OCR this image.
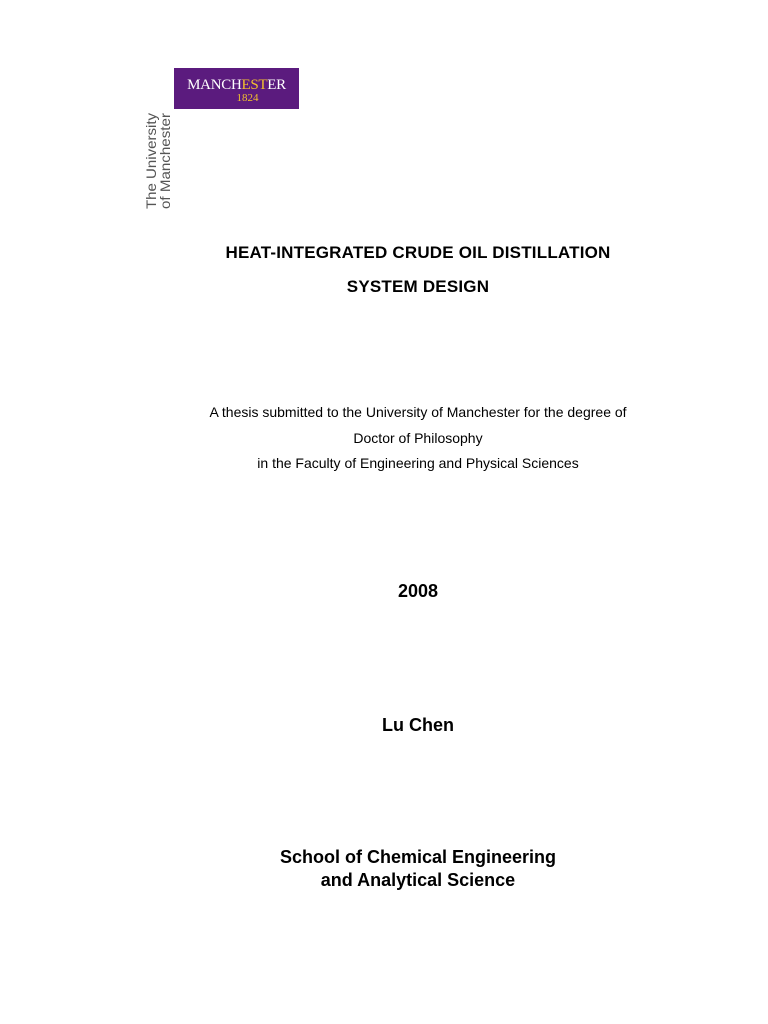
MANCHESTER
1824
The University
of Manchester
HEAT-INTEGRATED CRUDE OIL DISTILLATION
SYSTEM DESIGN
A thesis submitted to the University of Manchester for the degree of
Doctor of Philosophy
in the Faculty of Engineering and Physical Sciences
2008
Lu Chen
School of Chemical Engineering
and Analytical Science
